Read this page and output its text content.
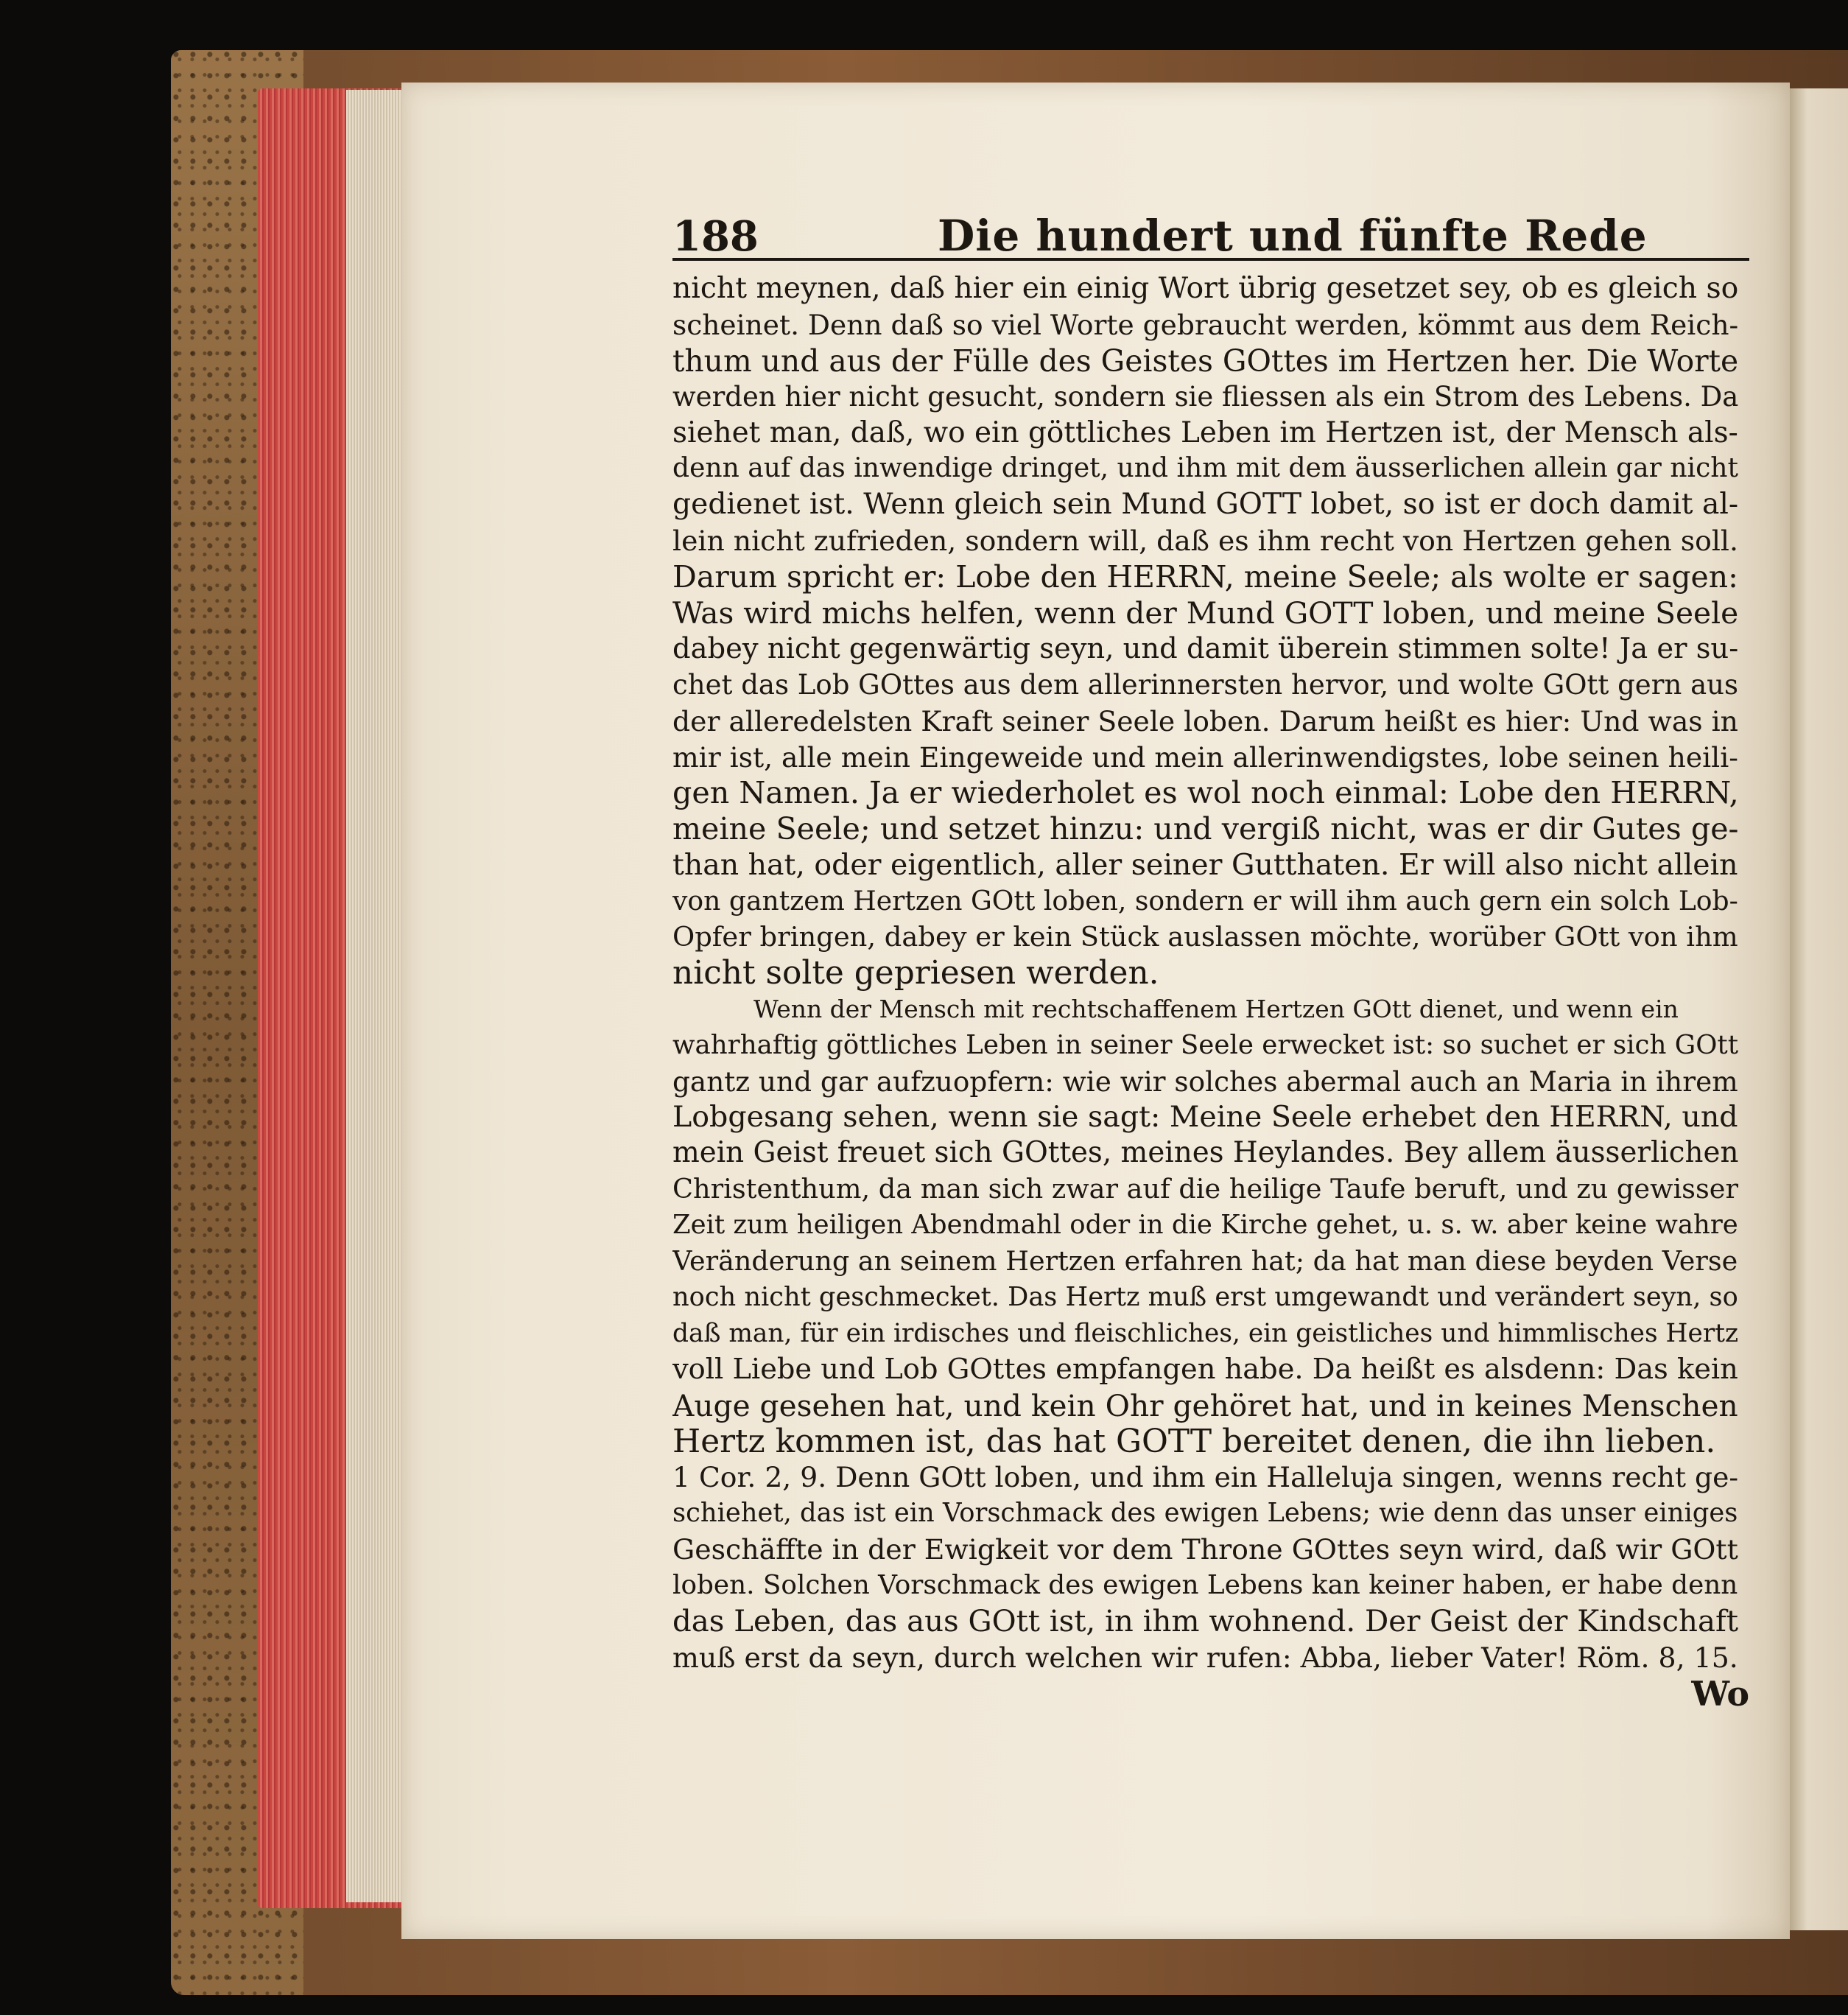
188	Die hundert und fünfte Rede
nicht meynen, daß hier ein einig Wort übrig gesetzet sey, ob es gleich so
scheinet. Denn daß so viel Worte gebraucht werden, kömmt aus dem Reich-
thum und aus der Fülle des Geistes GOttes im Hertzen her. Die Worte
werden hier nicht gesucht, sondern sie fliessen als ein Strom des Lebens. Da
siehet man, daß, wo ein göttliches Leben im Hertzen ist, der Mensch als-
denn auf das inwendige dringet, und ihm mit dem äusserlichen allein gar nicht
gedienet ist. Wenn gleich sein Mund GOTT lobet, so ist er doch damit al-
lein nicht zufrieden, sondern will, daß es ihm recht von Hertzen gehen soll.
Darum spricht er: Lobe den HERRN, meine Seele; als wolte er sagen:
Was wird michs helfen, wenn der Mund GOTT loben, und meine Seele
dabey nicht gegenwärtig seyn, und damit überein stimmen solte! Ja er su-
chet das Lob GOttes aus dem allerinnersten hervor, und wolte GOtt gern aus
der alleredelsten Kraft seiner Seele loben. Darum heißt es hier: Und was in
mir ist, alle mein Eingeweide und mein allerinwendigstes, lobe seinen heili-
gen Namen. Ja er wiederholet es wol noch einmal: Lobe den HERRN,
meine Seele; und setzet hinzu: und vergiß nicht, was er dir Gutes ge-
than hat, oder eigentlich, aller seiner Gutthaten. Er will also nicht allein
von gantzem Hertzen GOtt loben, sondern er will ihm auch gern ein solch Lob-
Opfer bringen, dabey er kein Stück auslassen möchte, worüber GOtt von ihm
nicht solte gepriesen werden.
Wenn der Mensch mit rechtschaffenem Hertzen GOtt dienet, und wenn ein
wahrhaftig göttliches Leben in seiner Seele erwecket ist: so suchet er sich GOtt
gantz und gar aufzuopfern: wie wir solches abermal auch an Maria in ihrem
Lobgesang sehen, wenn sie sagt: Meine Seele erhebet den HERRN, und
mein Geist freuet sich GOttes, meines Heylandes. Bey allem äusserlichen
Christenthum, da man sich zwar auf die heilige Taufe beruft, und zu gewisser
Zeit zum heiligen Abendmahl oder in die Kirche gehet, u. s. w. aber keine wahre
Veränderung an seinem Hertzen erfahren hat; da hat man diese beyden Verse
noch nicht geschmecket. Das Hertz muß erst umgewandt und verändert seyn, so
daß man, für ein irdisches und fleischliches, ein geistliches und himmlisches Hertz
voll Liebe und Lob GOttes empfangen habe. Da heißt es alsdenn: Das kein
Auge gesehen hat, und kein Ohr gehöret hat, und in keines Menschen
Hertz kommen ist, das hat GOTT bereitet denen, die ihn lieben.
1 Cor. 2, 9. Denn GOtt loben, und ihm ein Halleluja singen, wenns recht ge-
schiehet, das ist ein Vorschmack des ewigen Lebens; wie denn das unser einiges
Geschäffte in der Ewigkeit vor dem Throne GOttes seyn wird, daß wir GOtt
loben. Solchen Vorschmack des ewigen Lebens kan keiner haben, er habe denn
das Leben, das aus GOtt ist, in ihm wohnend. Der Geist der Kindschaft
muß erst da seyn, durch welchen wir rufen: Abba, lieber Vater! Röm. 8, 15.
Wo
